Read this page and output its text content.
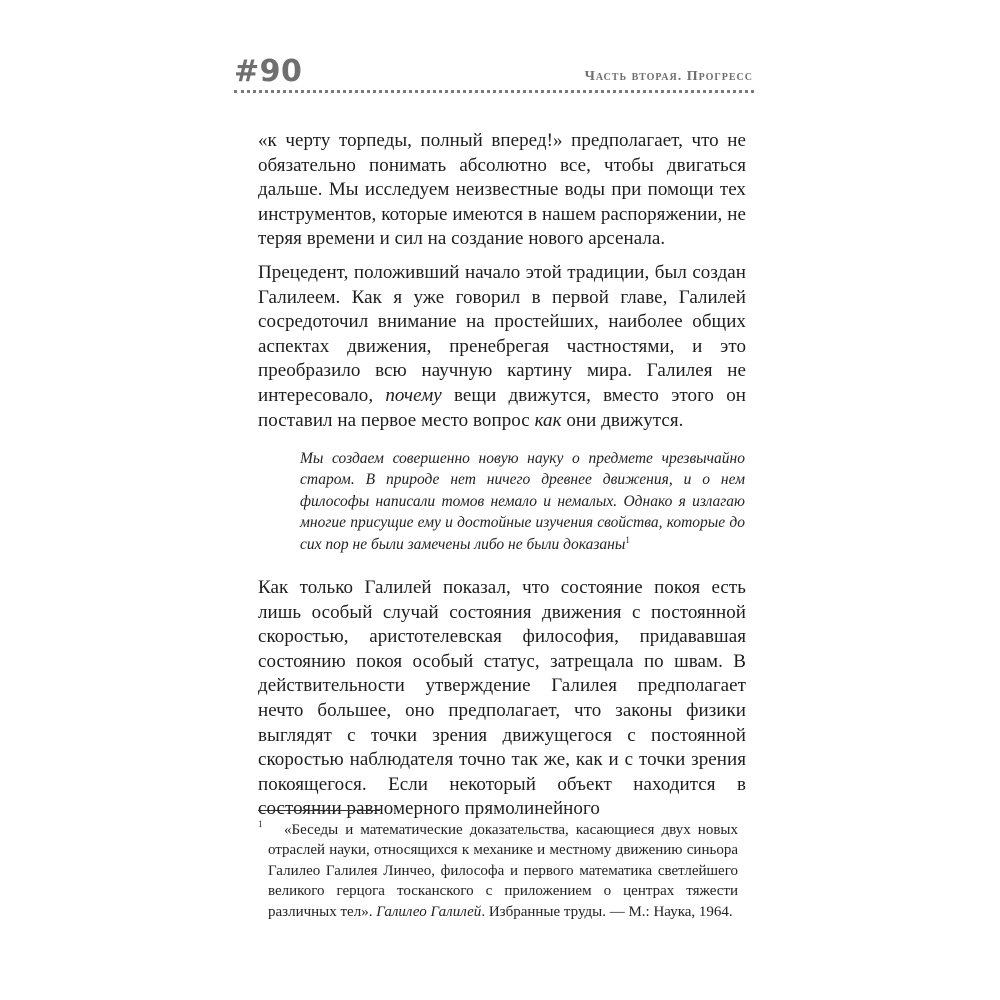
#90	Часть вторая. Прогресс

«к черту торпеды, полный вперед!» предполагает, что не обязательно понимать абсолютно все, чтобы двигаться дальше. Мы исследуем неизвестные воды при помощи тех инструментов, которые имеются в нашем распоряжении, не теряя времени и сил на создание нового арсенала.

Прецедент, положивший начало этой традиции, был создан Галилеем. Как я уже говорил в первой главе, Галилей сосредоточил внимание на простейших, наиболее общих аспектах движения, пренебрегая частностями, и это преобразило всю научную картину мира. Галилея не интересовало, почему вещи движутся, вместо этого он поставил на первое место вопрос как они движутся.

Мы создаем совершенно новую науку о предмете чрезвычайно старом. В природе нет ничего древнее движения, и о нем философы написали томов немало и немалых. Однако я излагаю многие присущие ему и достойные изучения свойства, которые до сих пор не были замечены либо не были доказаны$^1$

Как только Галилей показал, что состояние покоя есть лишь особый случай состояния движения с постоянной скоростью, аристотелевская философия, придававшая состоянию покоя особый статус, затрещала по швам. В действительности утверждение Галилея предполагает нечто большее, оно предполагает, что законы физики выглядят с точки зрения движущегося с постоянной скоростью наблюдателя точно так же, как и с точки зрения покоящегося. Если некоторый объект находится в состоянии равномерного прямолинейного

1	«Беседы и математические доказательства, касающиеся двух новых отраслей науки, относящихся к механике и местному движению синьора Галилео Галилея Линчео, философа и первого математика светлейшего великого герцога тосканского с приложением о центрах тяжести различных тел». Галилео Галилей. Избранные труды. — М.: Наука, 1964.
